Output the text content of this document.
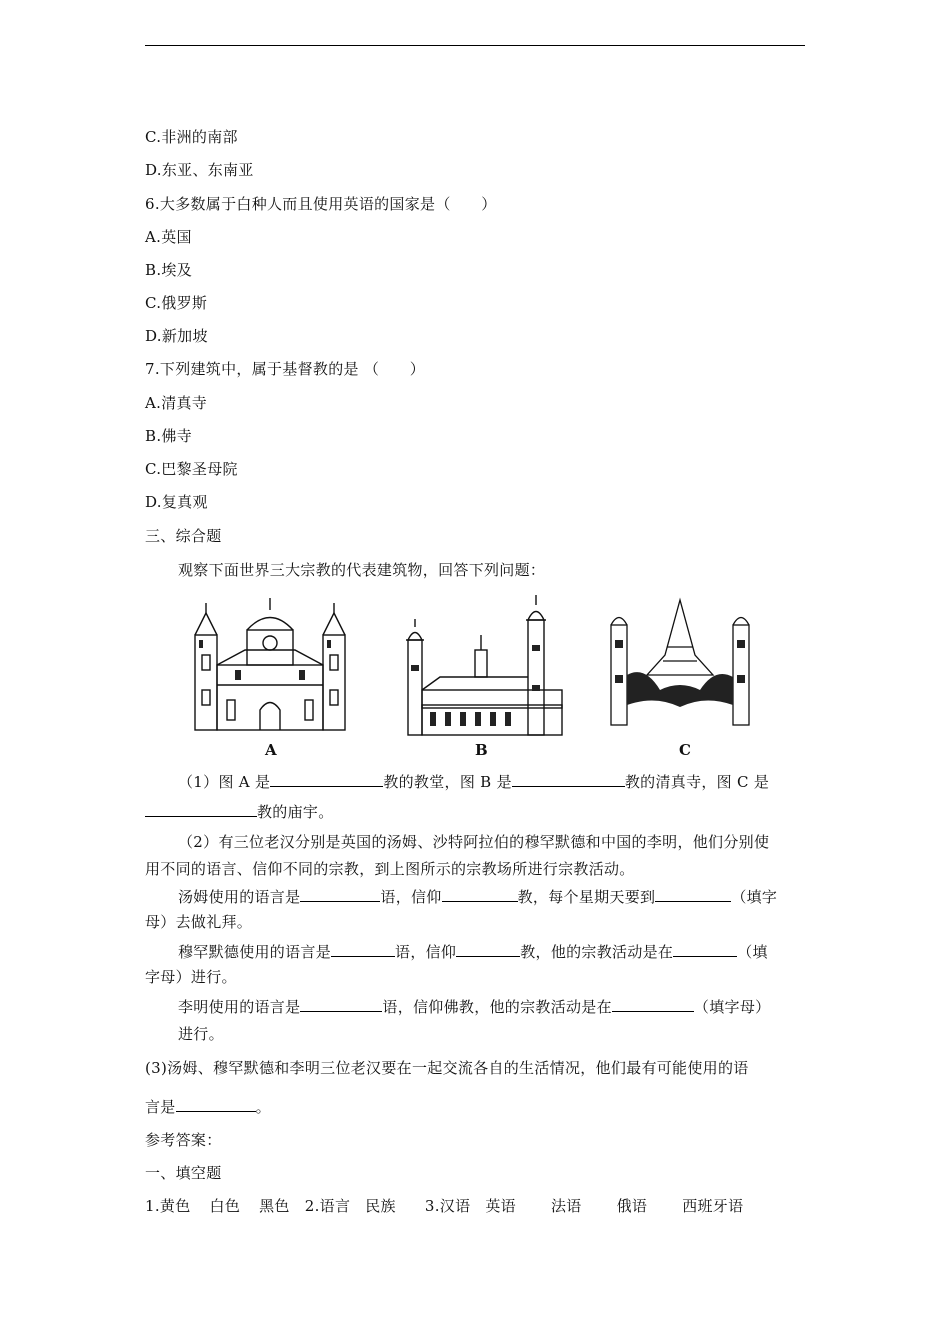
C.非洲的南部
D.东亚、东南亚
6.大多数属于白种人而且使用英语的国家是（　　）
A.英国
B.埃及
C.俄罗斯
D.新加坡
7.下列建筑中，属于基督教的是 （　　）
A.清真寺
B.佛寺
C.巴黎圣母院
D.复真观
三、综合题
观察下面世界三大宗教的代表建筑物，回答下列问题：
A	B	C
（1）图 A 是	教的教堂，图 B 是	教的清真寺，图 C 是
教的庙宇。
（2）有三位老汉分别是英国的汤姆、沙特阿拉伯的穆罕默德和中国的李明，他们分别使
用不同的语言、信仰不同的宗教，到上图所示的宗教场所进行宗教活动。
汤姆使用的语言是	语，信仰	教，每个星期天要到	（填字
母）去做礼拜。
穆罕默德使用的语言是	语，信仰	教，他的宗教活动是在	（填
字母）进行。
李明使用的语言是	语，信仰佛教，他的宗教活动是在	（填字母）
进行。
(3)汤姆、穆罕默德和李明三位老汉要在一起交流各自的生活情况，他们最有可能使用的语
言是	。
参考答案：
一、填空题
1.黄色 白色 黑色 2.语言 民族 3.汉语 英语 法语 俄语 西班牙语
